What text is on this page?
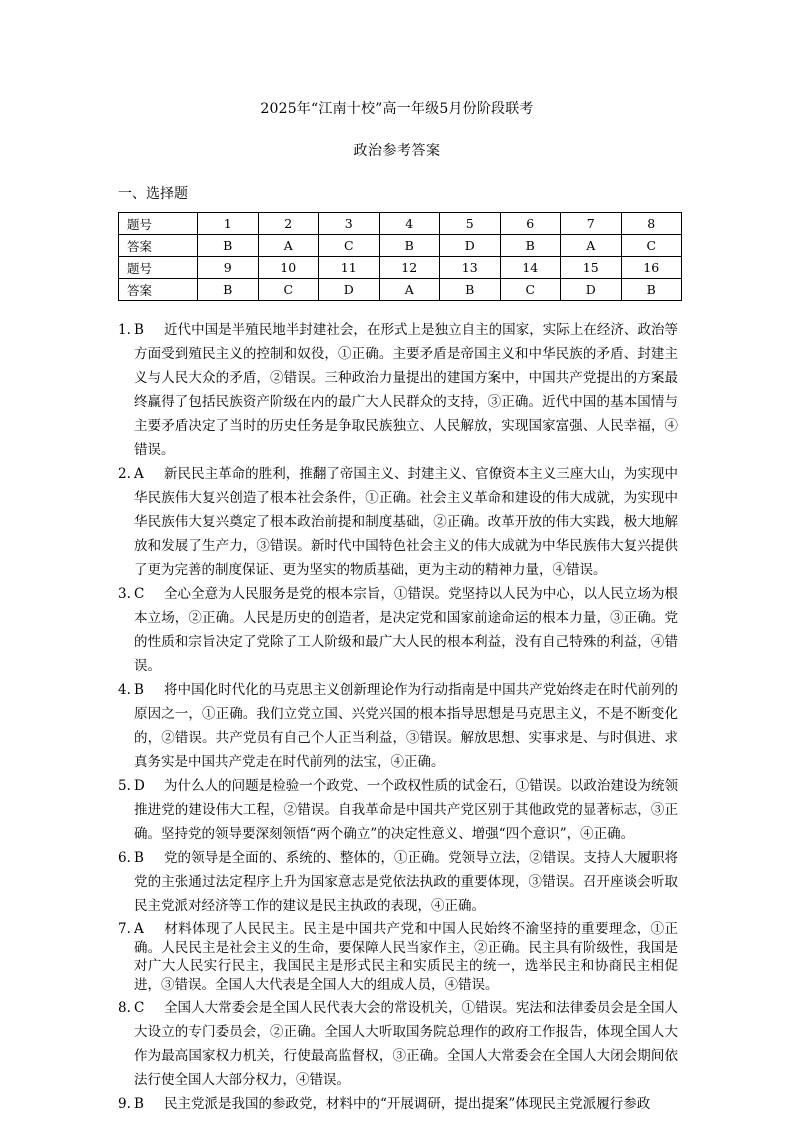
2025年“江南十校”高一年级5月份阶段联考
政治参考答案
一、选择题
题号	1	2	3	4	5	6	7	8
答案	B	A	C	B	D	B	A	C
题号	9	10	11	12	13	14	15	16
答案	B	C	D	A	B	C	D	B
1. B 近代中国是半殖民地半封建社会，在形式上是独立自主的国家，实际上在经济、政治等方面受到殖民主义的控制和奴役，①正确。主要矛盾是帝国主义和中华民族的矛盾、封建主义与人民大众的矛盾，②错误。三种政治力量提出的建国方案中，中国共产党提出的方案最终赢得了包括民族资产阶级在内的最广大人民群众的支持，③正确。近代中国的基本国情与主要矛盾决定了当时的历史任务是争取民族独立、人民解放，实现国家富强、人民幸福，④错误。
2. A 新民民主革命的胜利，推翻了帝国主义、封建主义、官僚资本主义三座大山，为实现中华民族伟大复兴创造了根本社会条件，①正确。社会主义革命和建设的伟大成就，为实现中华民族伟大复兴奠定了根本政治前提和制度基础，②正确。改革开放的伟大实践，极大地解放和发展了生产力，③错误。新时代中国特色社会主义的伟大成就为中华民族伟大复兴提供了更为完善的制度保证、更为坚实的物质基础，更为主动的精神力量，④错误。
3. C 全心全意为人民服务是党的根本宗旨，①错误。党坚持以人民为中心，以人民立场为根本立场，②正确。人民是历史的创造者，是决定党和国家前途命运的根本力量，③正确。党的性质和宗旨决定了党除了工人阶级和最广大人民的根本利益，没有自己特殊的利益，④错误。
4. B 将中国化时代化的马克思主义创新理论作为行动指南是中国共产党始终走在时代前列的原因之一，①正确。我们立党立国、兴党兴国的根本指导思想是马克思主义，不是不断变化的，②错误。共产党员有自己个人正当利益，③错误。解放思想、实事求是、与时俱进、求真务实是中国共产党走在时代前列的法宝，④正确。
5. D 为什么人的问题是检验一个政党、一个政权性质的试金石，①错误。以政治建设为统领推进党的建设伟大工程，②错误。自我革命是中国共产党区别于其他政党的显著标志，③正确。坚持党的领导要深刻领悟“两个确立”的决定性意义、增强“四个意识”，④正确。
6. B 党的领导是全面的、系统的、整体的，①正确。党领导立法，②错误。支持人大履职将党的主张通过法定程序上升为国家意志是党依法执政的重要体现，③错误。召开座谈会听取民主党派对经济等工作的建议是民主执政的表现，④正确。
7. A 材料体现了人民民主。民主是中国共产党和中国人民始终不渝坚持的重要理念，①正确。人民民主是社会主义的生命，要保障人民当家作主，②正确。民主具有阶级性，我国是对广大人民实行民主，我国民主是形式民主和实质民主的统一，选举民主和协商民主相促进，③错误。全国人大代表是全国人大的组成人员，④错误。
8. C 全国人大常委会是全国人民代表大会的常设机关，①错误。宪法和法律委员会是全国人大设立的专门委员会，②正确。全国人大听取国务院总理作的政府工作报告，体现全国人大作为最高国家权力机关，行使最高监督权，③正确。全国人大常委会在全国人大闭会期间依法行使全国人大部分权力，④错误。
9. B 民主党派是我国的参政党，材料中的“开展调研，提出提案”体现民主党派履行参政
